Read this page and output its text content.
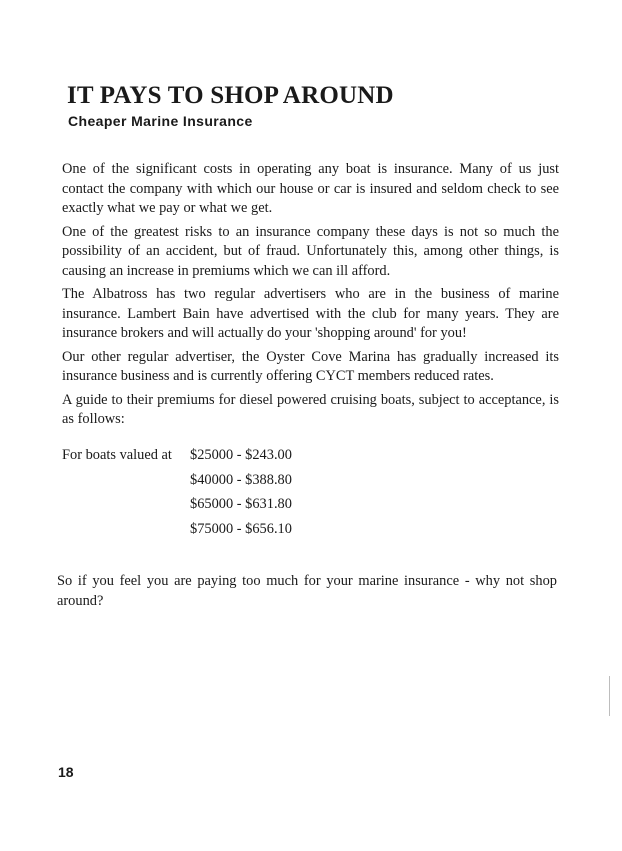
IT PAYS TO SHOP AROUND
Cheaper Marine Insurance

One of the significant costs in operating any boat is insurance. Many of us just contact the company with which our house or car is insured and seldom check to see exactly what we pay or what we get.

One of the greatest risks to an insurance company these days is not so much the possibility of an accident, but of fraud. Unfortunately this, among other things, is causing an increase in premiums which we can ill afford.

The Albatross has two regular advertisers who are in the business of marine insurance. Lambert Bain have advertised with the club for many years. They are insurance brokers and will actually do your 'shopping around' for you!

Our other regular advertiser, the Oyster Cove Marina has gradually increased its insurance business and is currently offering CYCT members reduced rates.

A guide to their premiums for diesel powered cruising boats, subject to acceptance, is as follows:

For boats valued at	$25000 - $243.00
$40000 - $388.80
$65000 - $631.80
$75000 - $656.10

So if you feel you are paying too much for your marine insurance - why not shop around?

18
